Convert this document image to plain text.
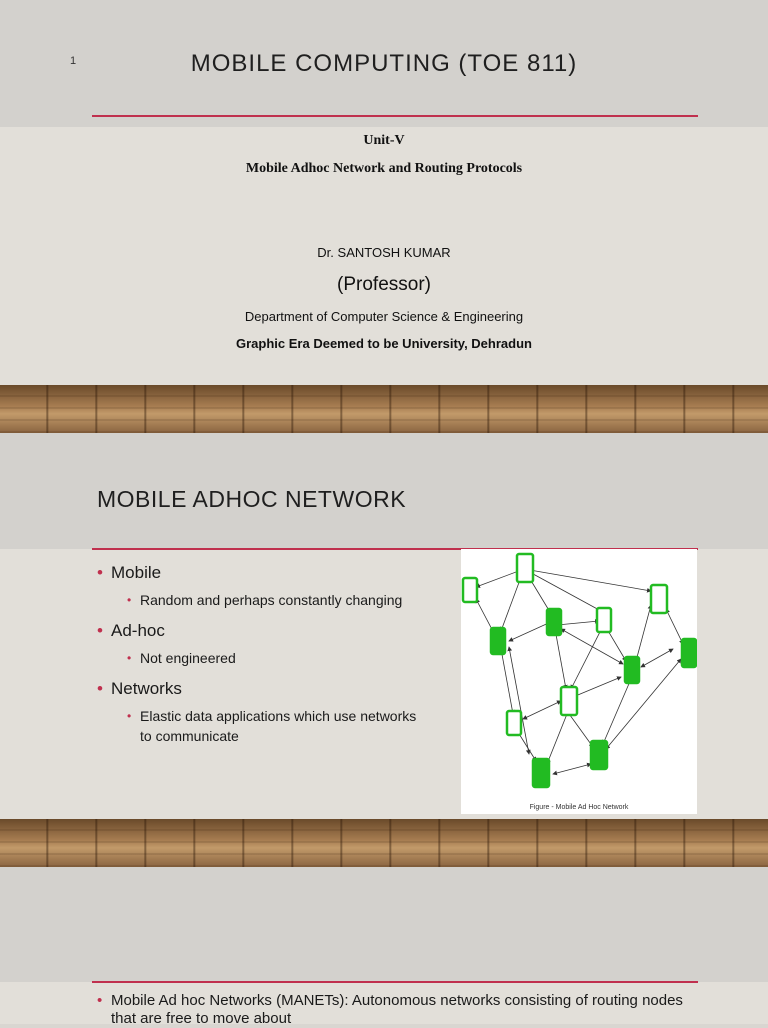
1	MOBILE COMPUTING (TOE 811)
Unit-V
Mobile Adhoc Network and Routing Protocols
Dr. SANTOSH KUMAR
(Professor)
Department of Computer Science & Engineering
Graphic Era Deemed to be University, Dehradun
MOBILE ADHOC NETWORK
• Mobile
• Random and perhaps constantly changing
• Ad-hoc
• Not engineered
• Networks
• Elastic data applications which use networks to communicate
Figure - Mobile Ad Hoc Network
• Mobile Ad hoc Networks (MANETs): Autonomous networks consisting of routing nodes that are free to move about
